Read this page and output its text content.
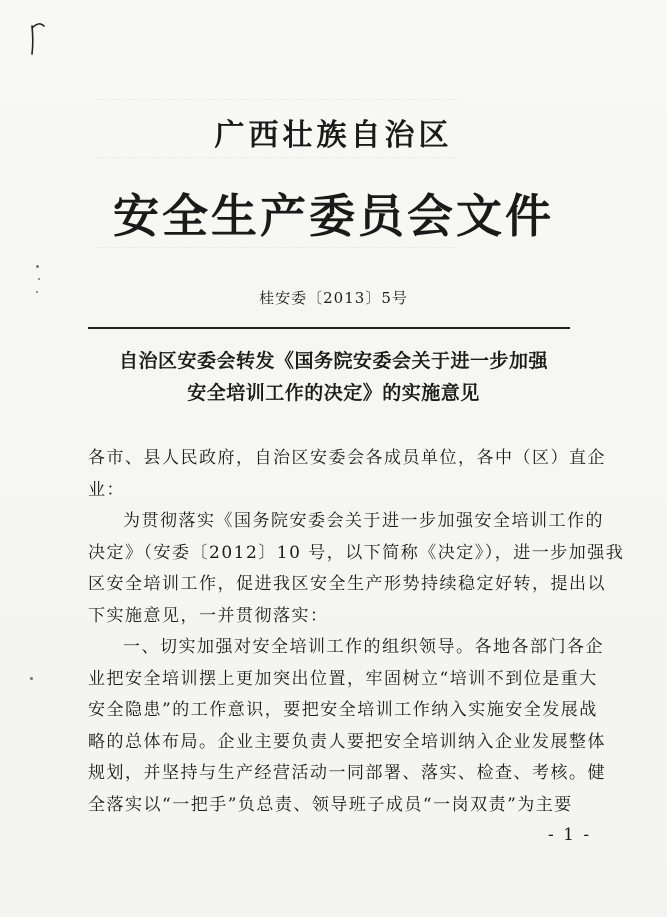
——————————————————————————
——————————————————————————
——————————————————————————
广西壮族自治区
安全生产委员会文件
桂安委〔2013〕5号
自治区安委会转发《国务院安委会关于进一步加强
安全培训工作的决定》的实施意见
各市、县人民政府，自治区安委会各成员单位，各中（区）直企
业：
为贯彻落实《国务院安委会关于进一步加强安全培训工作的
决定》（安委〔2012〕10 号，以下简称《决定》），进一步加强我
区安全培训工作，促进我区安全生产形势持续稳定好转，提出以
下实施意见，一并贯彻落实：
一、切实加强对安全培训工作的组织领导。各地各部门各企
业把安全培训摆上更加突出位置，牢固树立“培训不到位是重大
安全隐患”的工作意识，要把安全培训工作纳入实施安全发展战
略的总体布局。企业主要负责人要把安全培训纳入企业发展整体
规划，并坚持与生产经营活动一同部署、落实、检查、考核。健
全落实以“一把手”负总责、领导班子成员“一岗双责”为主要
- 1 -
